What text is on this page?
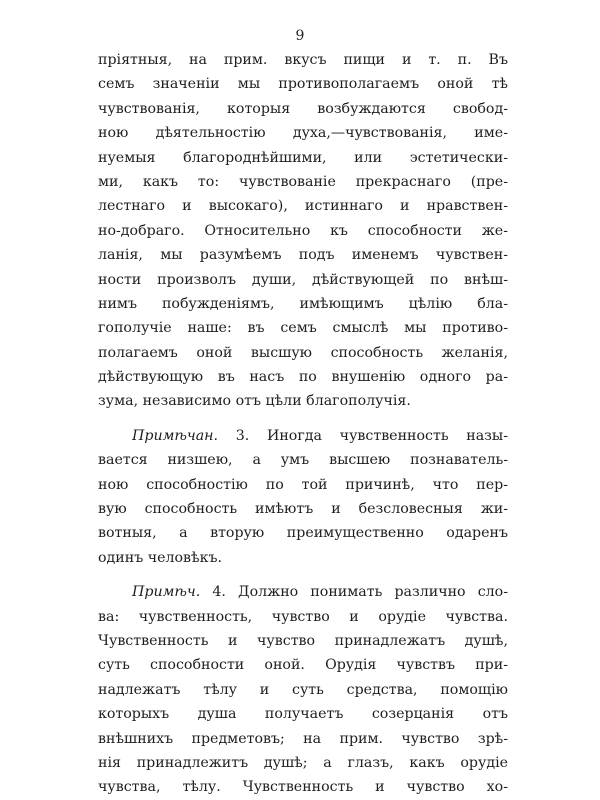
9
пріятныя, на прим. вкусъ пищи и т. п. Въ
семъ значеніи мы противополагаемъ оной тѣ
чувствованія, которыя возбуждаются свобод-
ною дѣятельностію духа,—чувствованія, име-
нуемыя благороднѣйшими, или эстетически-
ми, какъ то: чувствованіе прекраснаго (пре-
лестнаго и высокаго), истиннаго и нравствен-
но-добраго. Относительно къ способности же-
ланія, мы разумѣемъ подъ именемъ чувствен-
ности произволъ души, дѣйствующей по внѣш-
нимъ побужденіямъ, имѣющимъ цѣлію бла-
гополучіе наше: въ семъ смыслѣ мы противо-
полагаемъ оной высшую способность желанія,
дѣйствующую въ насъ по внушенію одного ра-
зума, независимо отъ цѣли благополучія.
Примѣчан. 3. Иногда чувственность назы-
вается низшею, а умъ высшею познаватель-
ною способностію по той причинѣ, что пер-
вую способность имѣютъ и безсловесныя жи-
вотныя, а вторую преимущественно одаренъ
одинъ человѣкъ.
Примѣч. 4. Должно понимать различно сло-
ва: чувственность, чувство и орудіе чувства.
Чувственность и чувство принадлежатъ душѣ,
суть способности оной. Орудія чувствъ при-
надлежатъ тѣлу и суть средства, помощію
которыхъ душа получаетъ созерцанія отъ
внѣшнихъ предметовъ; на прим. чувство зрѣ-
нія принадлежитъ душѣ; а глазъ, какъ орудіе
чувства, тѣлу. Чувственность и чувство хо-
